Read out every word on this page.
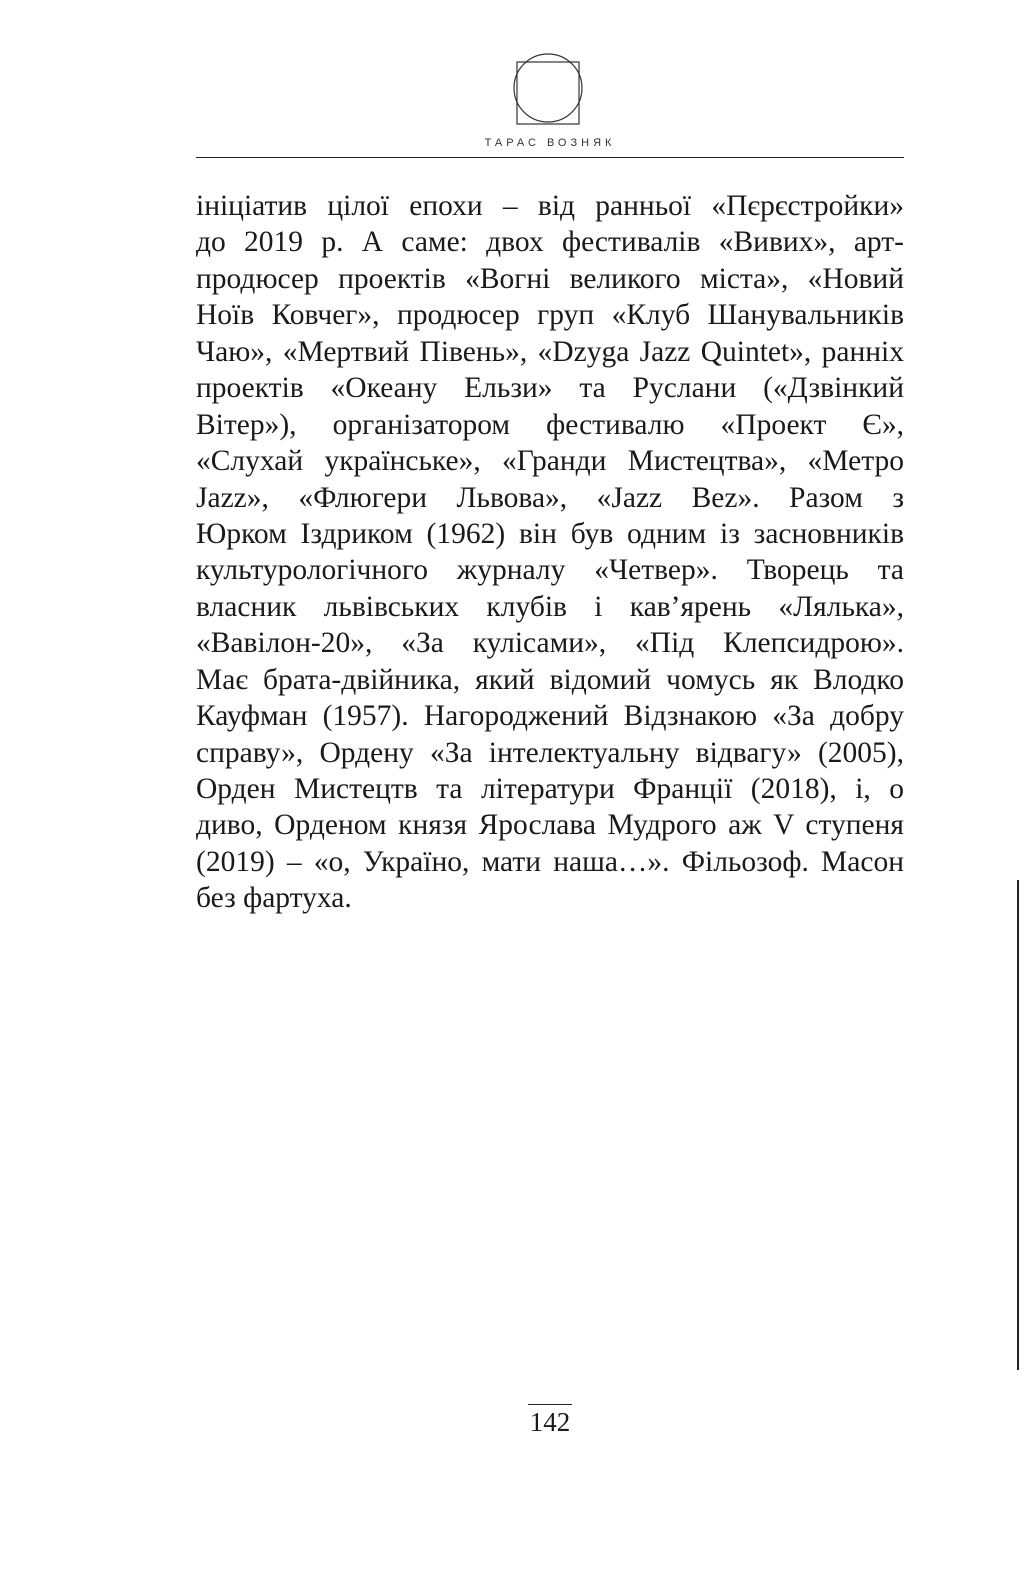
ТАРАС ВОЗНЯК
ініціатив цілої епохи – від ранньої «Пєрєстройки»
до 2019 р. А саме: двох фестивалів «Вивих», арт-
продюсер проектів «Вогні великого міста», «Новий
Ноїв Ковчег», продюсер груп «Клуб Шанувальників
Чаю», «Мертвий Півень», «Dzyga Jazz Quintet», ранніх
проектів «Океану Ельзи» та Руслани («Дзвінкий
Вітер»), організатором фестивалю «Проект Є»,
«Слухай українське», «Гранди Мистецтва», «Метро
Jazz», «Флюгери Львова», «Jazz Bez». Разом з
Юрком Іздриком (1962) він був одним із засновників
культурологічного журналу «Четвер». Творець та
власник львівських клубів і кав’ярень «Лялька»,
«Вавілон-20», «За кулісами», «Під Клепсидрою».
Має брата-двійника, який відомий чомусь як Влодко
Кауфман (1957). Нагороджений Відзнакою «За добру
справу», Ордену «За інтелектуальну відвагу» (2005),
Орден Мистецтв та літератури Франції (2018), і, о
диво, Орденом князя Ярослава Мудрого аж V ступеня
(2019) – «о, Україно, мати наша…». Фільозоф. Масон
без фартуха.
142
